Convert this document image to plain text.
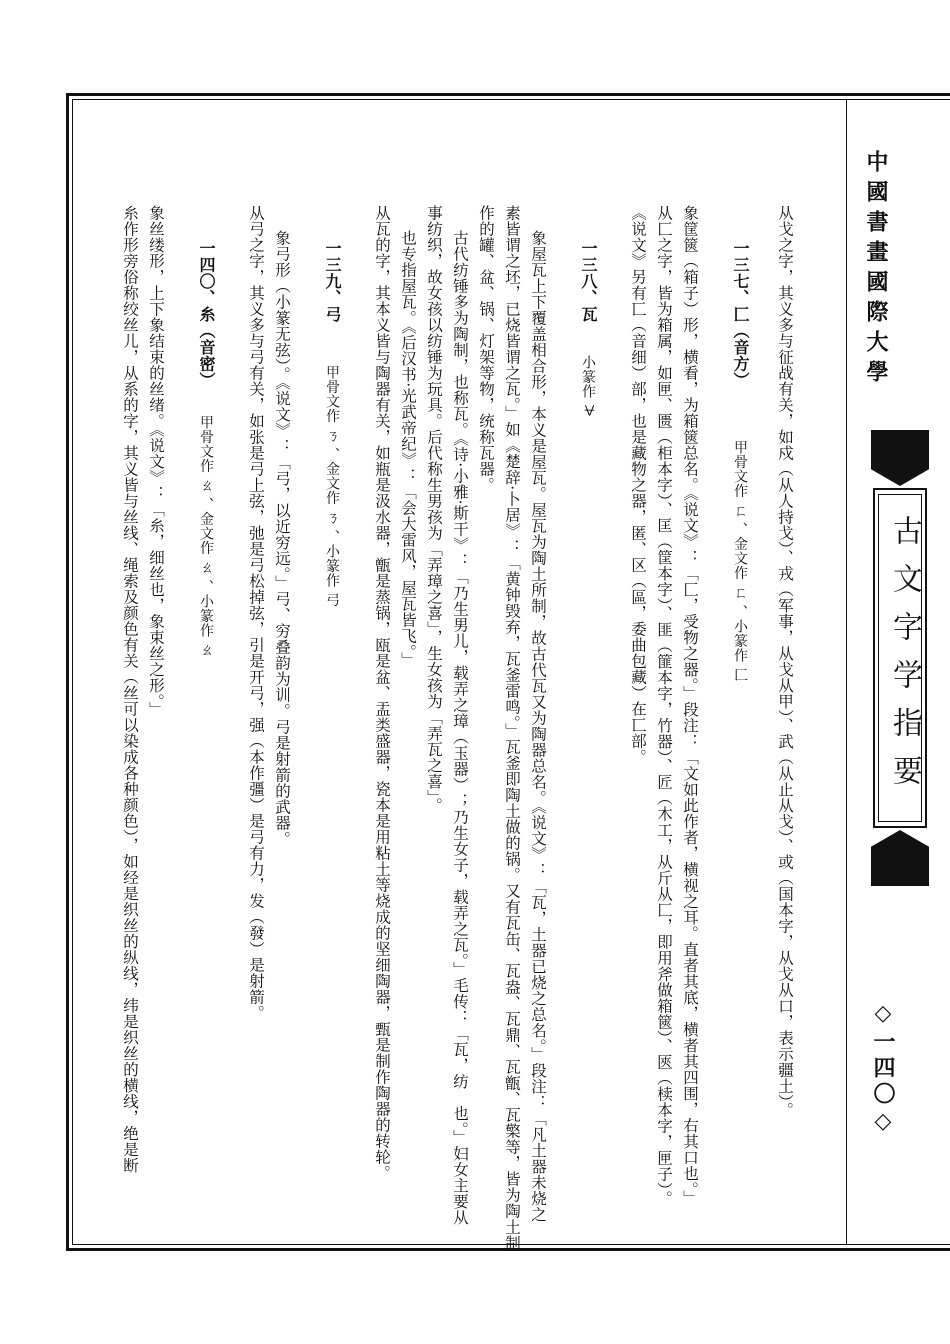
中國書畫國際大學
古文字学指要
◇一四〇◇
从戈之字，其义多与征战有关，如戍（从人持戈）、戎（军事，从戈从甲）、武（从止从戈）、或（国本字，从戈从口，表示疆土）。
一三七、匚（音方）
甲骨文作 ㄈ 、金文作 ㄈ 、小篆作 匚
象筐篋（箱子）形，横看，为箱篋总名。《说文》：「匚，受物之器。」段注：「文如此作者，横视之耳。直者其底，横者其四围，右其口也。」
从匚之字，皆为箱属，如匣、匮（柜本字）、匡（筐本字）、匪（篚本字，竹器）、匠（木工，从斤从匚，即用斧做箱篋）、匧（椟本字，匣子）。
《说文》另有匸（音细）部，也是藏物之器，匿、区（區，委曲包藏）在匸部。
一三八、瓦
小篆作 ㆾ
象屋瓦上下覆盖相合形，本义是屋瓦。屋瓦为陶土所制，故古代瓦又为陶器总名。《说文》：「瓦，土器已烧之总名。」段注：「凡土器未烧之
素皆谓之坯，已烧皆谓之瓦。」如《楚辞·卜居》：「黄钟毁弃，瓦釜雷鸣。」瓦釜即陶土做的锅。又有瓦缶、瓦盎、瓦鼎、瓦甑、瓦檠等，皆为陶土制
作的罐、盆、锅、灯架等物，统称瓦器。
古代纺锤多为陶制，也称瓦。《诗·小雅·斯干》：「乃生男儿，载弄之璋（玉器）；乃生女子，载弄之瓦。」毛传：「瓦，纺　也。」妇女主要从
事纺织，故女孩以纺锤为玩具。后代称生男孩为「弄璋之喜」，生女孩为「弄瓦之喜」。
也专指屋瓦。《后汉书·光武帝纪》：「会大雷风，屋瓦皆飞。」
从瓦的字，其本义皆与陶器有关，如瓶是汲水器，甑是蒸锅，瓯是盆、盂类盛器，瓷本是用粘土等烧成的坚细陶器，甄是制作陶器的转轮。
一三九、弓
甲骨文作 ㄋ 、金文作 ㄋ 、小篆作 弓
象弓形（小篆无弦）。《说文》：「弓，以近穷远。」弓、穷叠韵为训。弓是射箭的武器。
从弓之字，其义多与弓有关，如张是弓上弦，弛是弓松掉弦，引是开弓，强（本作彊）是弓有力，发（發）是射箭。
一四〇、糸（音密）
甲骨文作 ㄠ 、金文作 ㄠ 、小篆作 ㄠ
象丝缕形，上下象结束的丝绪。《说文》：「糸，细丝也，象束丝之形。」
糸作形旁俗称绞丝儿，从系的字，其义皆与丝线、绳索及颜色有关（丝可以染成各种颜色），如经是织丝的纵线，纬是织丝的横线，绝是断
